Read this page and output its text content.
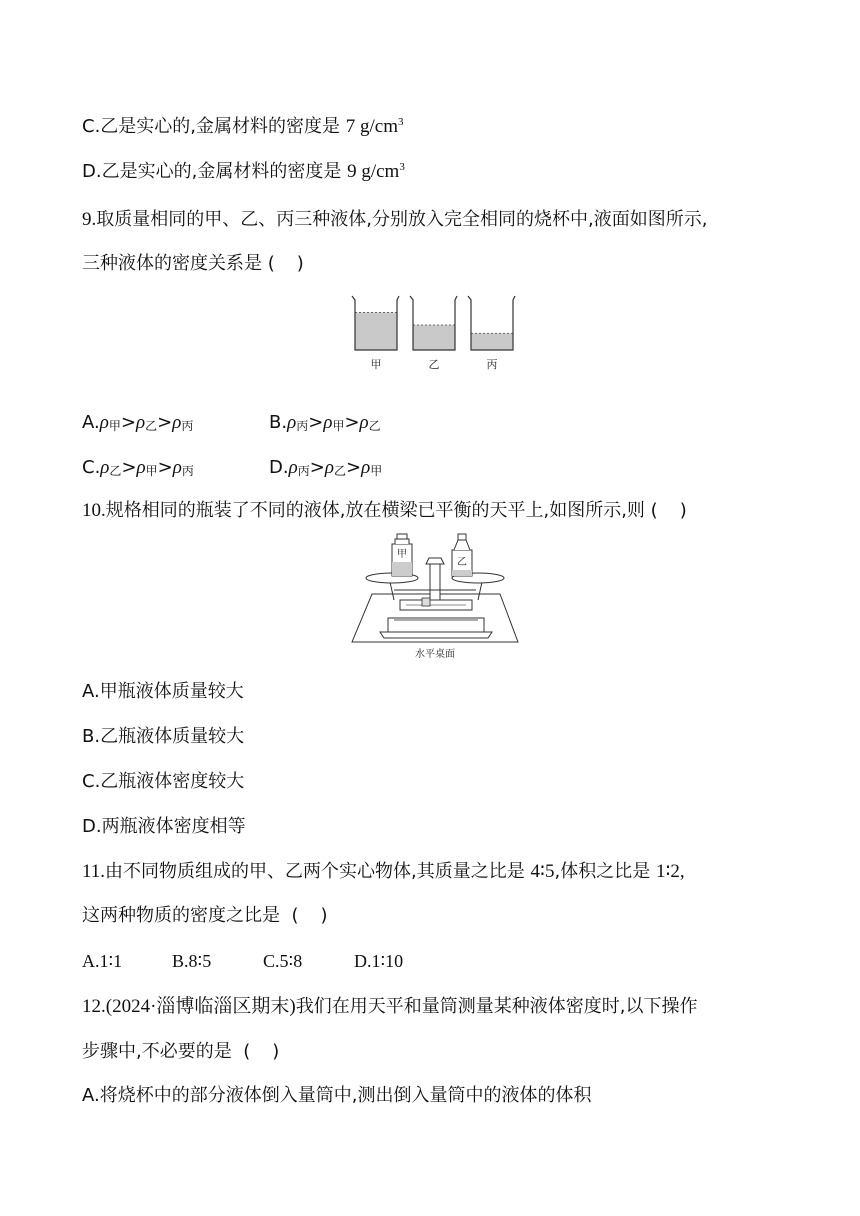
C.乙是实心的,金属材料的密度是 7 $g/cm^3$
D.乙是实心的,金属材料的密度是 9 $g/cm^3$
9.取质量相同的甲、乙、丙三种液体,分别放入完全相同的烧杯中,液面如图所示,
三种液体的密度关系是 ( )
甲	乙	丙
A.ρ甲>ρ乙>ρ丙	B.ρ丙>ρ甲>ρ乙
C.ρ乙>ρ甲>ρ丙	D.ρ丙>ρ乙>ρ甲
10.规格相同的瓶装了不同的液体,放在横梁已平衡的天平上,如图所示,则 ( )
甲
乙
水平桌面
A.甲瓶液体质量较大
B.乙瓶液体质量较大
C.乙瓶液体密度较大
D.两瓶液体密度相等
11.由不同物质组成的甲、乙两个实心物体,其质量之比是 4∶5,体积之比是 1∶2,
这两种物质的密度之比是 ( )
A.1∶1	B.8∶5	C.5∶8	D.1∶10
12.(2024·淄博临淄区期末)我们在用天平和量筒测量某种液体密度时,以下操作
步骤中,不必要的是 ( )
A.将烧杯中的部分液体倒入量筒中,测出倒入量筒中的液体的体积
